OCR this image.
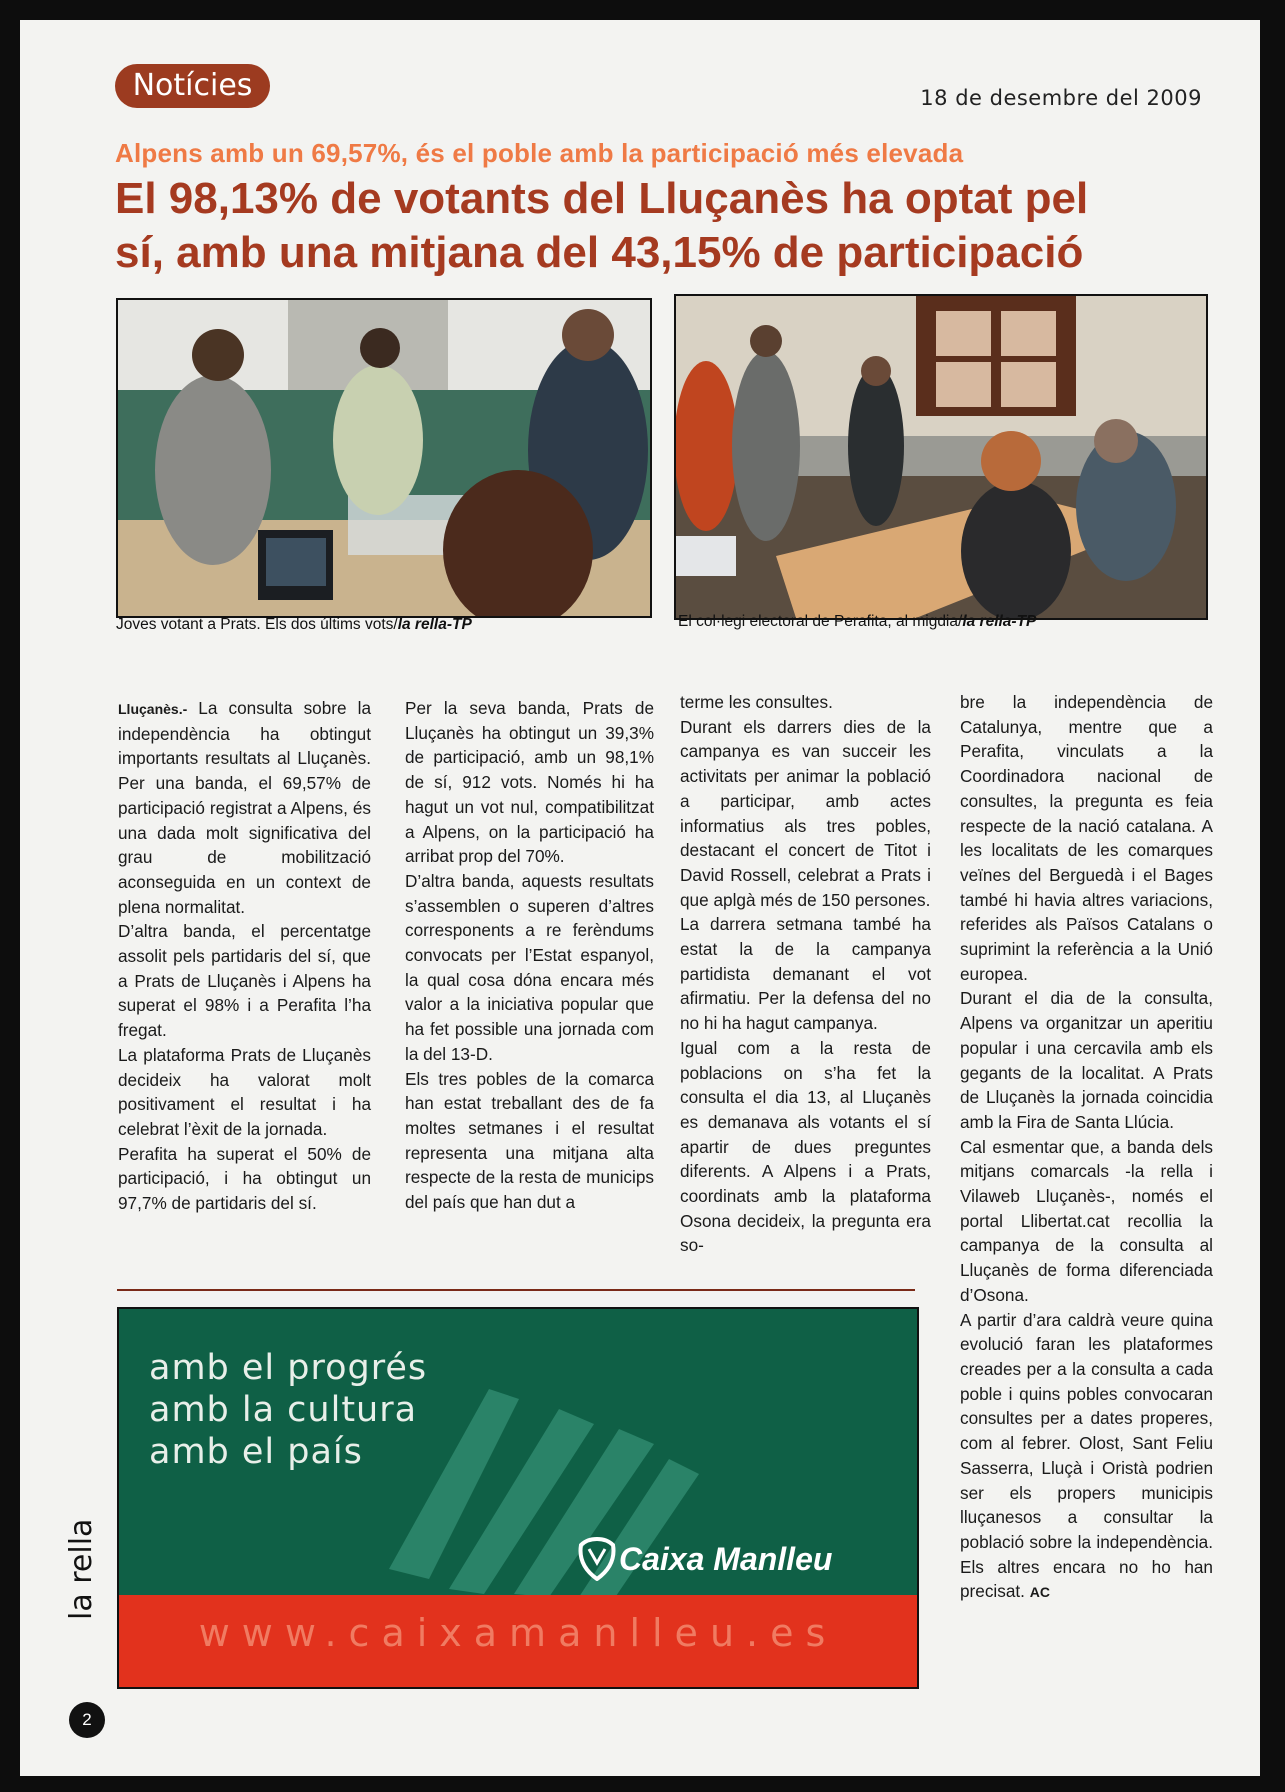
Notícies	18 de desembre del 2009
Alpens amb un 69,57%, és el poble amb la participació més elevada
El 98,13% de votants del Lluçanès ha optat pel
sí, amb una mitjana del 43,15% de participació
Joves votant a Prats. Els dos últims vots/la rella-TP	El col·legi electoral de Perafita, al migdia/la rella-TP

Lluçanès.- La consulta sobre la independència ha obtingut importants resultats al Lluçanès. Per una banda, el 69,57% de participació registrat a Alpens, és una dada molt significativa del grau de mobilització aconseguida en un context de plena normalitat.

D’altra banda, el percentatge assolit pels partidaris del sí, que a Prats de Lluçanès i Alpens ha superat el 98% i a Perafita l’ha fregat.

La plataforma Prats de Lluçanès decideix ha valorat molt positivament el resultat i ha celebrat l’èxit de la jornada.

Perafita ha superat el 50% de participació, i ha obtingut un 97,7% de partidaris del sí.

Per la seva banda, Prats de Lluçanès ha obtingut un 39,3% de participació, amb un 98,1% de sí, 912 vots. Només hi ha hagut un vot nul, compatibilitzat a Alpens, on la participació ha arribat prop del 70%.

D’altra banda, aquests resultats s’assemblen o superen d’altres corresponents a re ferèndums convocats per l’Estat espanyol, la qual cosa dóna encara més valor a la iniciativa popular que ha fet possible una jornada com la del 13-D.

Els tres pobles de la comarca han estat treballant des de fa moltes setmanes i el resultat representa una mitjana alta respecte de la resta de municips del país que han dut a

terme les consultes.

Durant els darrers dies de la campanya es van succeir les activitats per animar la població a participar, amb actes informatius als tres pobles, destacant el concert de Titot i David Rossell, celebrat a Prats i que aplgà més de 150 persones.

La darrera setmana també ha estat la de la campanya partidista demanant el vot afirmatiu. Per la defensa del no no hi ha hagut campanya.

Igual com a la resta de poblacions on s’ha fet la consulta el dia 13, al Lluçanès es demanava als votants el sí apartir de dues preguntes diferents. A Alpens i a Prats, coordinats amb la plataforma Osona decideix, la pregunta era so-

bre la independència de Catalunya, mentre que a Perafita, vinculats a la Coordinadora nacional de consultes, la pregunta es feia respecte de la nació catalana. A les localitats de les comarques veïnes del Berguedà i el Bages també hi havia altres variacions, referides als Països Catalans o suprimint la referència a la Unió europea.

Durant el dia de la consulta, Alpens va organitzar un aperitiu popular i una cercavila amb els gegants de la localitat. A Prats de Lluçanès la jornada coincidia amb la Fira de Santa Llúcia.

Cal esmentar que, a banda dels mitjans comarcals -la rella i Vilaweb Lluçanès-, només el portal Llibertat.cat recollia la campanya de la consulta al Lluçanès de forma diferenciada d’Osona.

A partir d’ara caldrà veure quina evolució faran les plataformes creades per a la consulta a cada poble i quins pobles convocaran consultes per a dates properes, com al febrer. Olost, Sant Feliu Sasserra, Lluçà i Oristà podrien ser els propers municipis lluçanesos a consultar la població sobre la independència. Els altres encara no ho han precisat. AC

amb el progrés
amb la cultura
amb el país
Caixa Manlleu
www.caixamanlleu.es
la rella
2
